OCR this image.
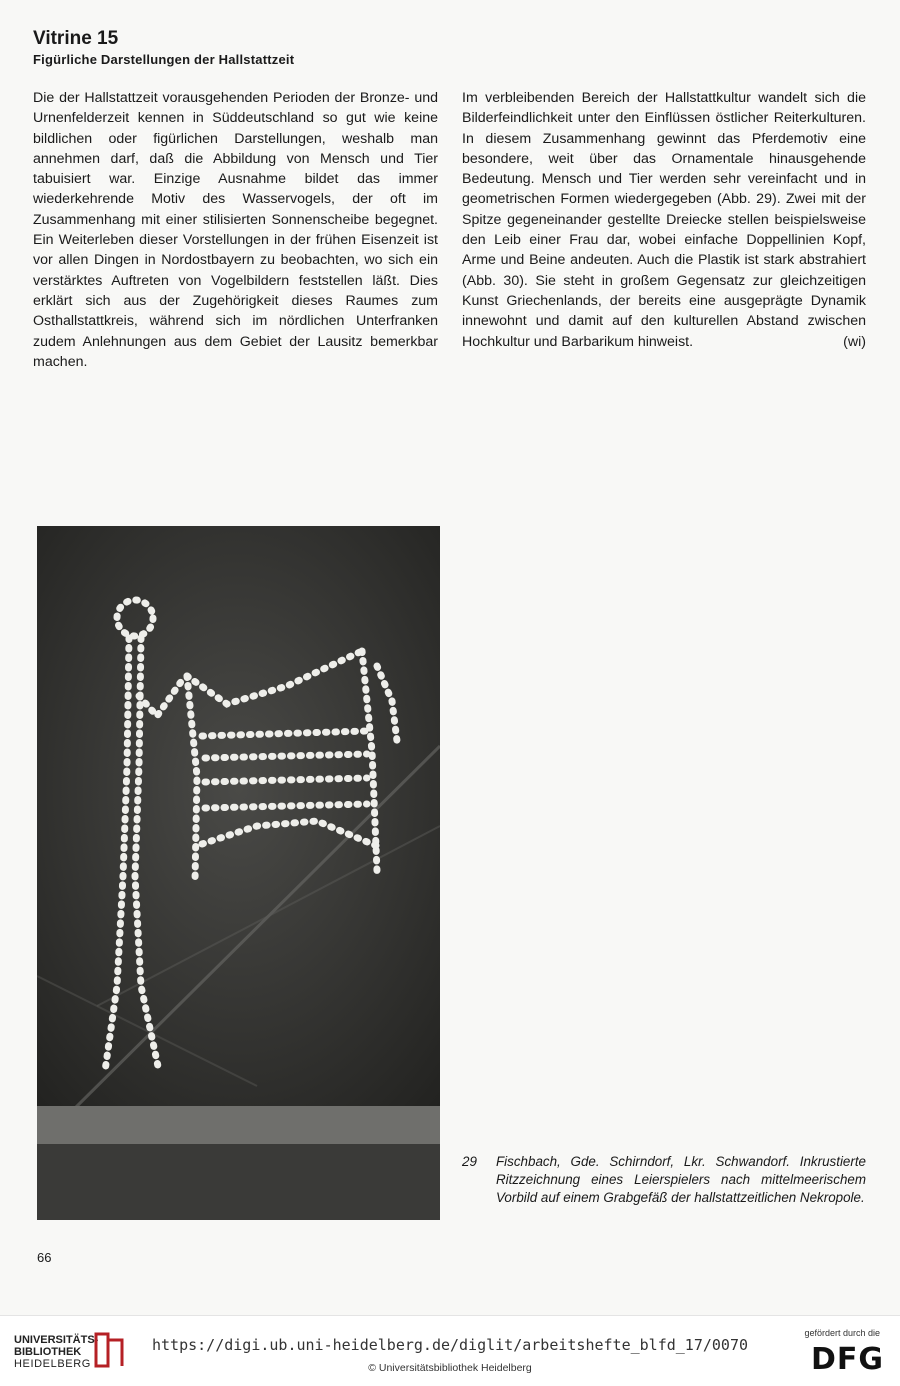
Vitrine 15
Figürliche Darstellungen der Hallstattzeit

Die der Hallstattzeit vorausgehenden Perioden der Bronze- und Urnenfelderzeit kennen in Süddeutschland so gut wie keine bildlichen oder figürlichen Darstellungen, weshalb man annehmen darf, daß die Abbildung von Mensch und Tier tabuisiert war. Einzige Ausnahme bildet das immer wiederkehrende Motiv des Wasservogels, der oft im Zusammenhang mit einer stilisierten Sonnenscheibe begegnet. Ein Weiterleben dieser Vorstellungen in der frühen Eisenzeit ist vor allen Dingen in Nordostbayern zu beobachten, wo sich ein verstärktes Auftreten von Vogelbildern feststellen läßt. Dies erklärt sich aus der Zugehörigkeit dieses Raumes zum Osthallstattkreis, während sich im nördlichen Unterfranken zudem Anlehnungen aus dem Gebiet der Lausitz bemerkbar machen.

Im verbleibenden Bereich der Hallstattkultur wandelt sich die Bilderfeindlichkeit unter den Einflüssen östlicher Reiterkulturen. In diesem Zusammenhang gewinnt das Pferdemotiv eine besondere, weit über das Ornamentale hinausgehende Bedeutung. Mensch und Tier werden sehr vereinfacht und in geometrischen Formen wiedergegeben (Abb. 29). Zwei mit der Spitze gegeneinander gestellte Dreiecke stellen beispielsweise den Leib einer Frau dar, wobei einfache Doppellinien Kopf, Arme und Beine andeuten. Auch die Plastik ist stark abstrahiert (Abb. 30). Sie steht in großem Gegensatz zur gleichzeitigen Kunst Griechenlands, der bereits eine ausgeprägte Dynamik innewohnt und damit auf den kulturellen Abstand zwischen Hochkultur und Barbarikum hinweist.	(wi)

29 Fischbach, Gde. Schirndorf, Lkr. Schwandorf. Inkrustierte Ritzzeichnung eines Leierspielers nach mittelmeerischem Vorbild auf einem Grabgefäß der hallstattzeitlichen Nekropole.
66
UNIVERSITÄTS-
BIBLIOTHEK
HEIDELBERG
https://digi.ub.uni-heidelberg.de/diglit/arbeitshefte_blfd_17/0070
© Universitätsbibliothek Heidelberg
gefördert durch die
DFG
